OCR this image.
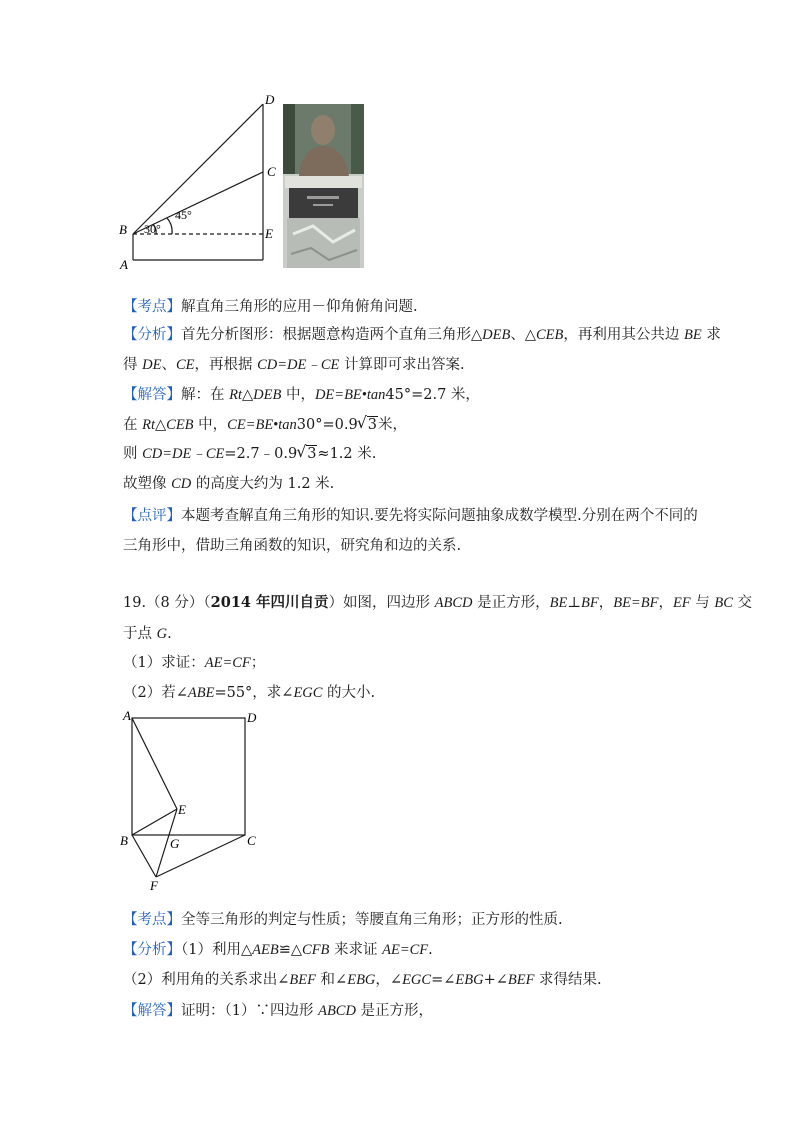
D
C
B	E
A
45°
30°
【考点】解直角三角形的应用－仰角俯角问题.
【分析】首先分析图形：根据题意构造两个直角三角形△DEB、△CEB，再利用其公共边 BE 求
得 DE、CE，再根据 CD=DE﹣CE 计算即可求出答案.
【解答】解：在 Rt△DEB 中，DE=BE•tan45°=2.7 米，
在 Rt△CEB 中，CE=BE•tan30°=0.9 √ 3米，
则 CD=DE﹣CE=2.7﹣0.9 √ 3≈1.2 米.
故塑像 CD 的高度大约为 1.2 米.
【点评】本题考查解直角三角形的知识.要先将实际问题抽象成数学模型.分别在两个不同的
三角形中，借助三角函数的知识，研究角和边的关系.
19.（8 分）（2014 年四川自贡）如图，四边形 ABCD 是正方形，BE⊥BF，BE=BF，EF 与 BC 交
于点 G.
（1）求证：AE=CF；
（2）若∠ABE=55°，求∠EGC 的大小.
A	D
E
B	G	C
F
【考点】全等三角形的判定与性质；等腰直角三角形；正方形的性质.
【分析】（1）利用△AEB≌△CFB 来求证 AE=CF.
（2）利用角的关系求出∠BEF 和∠EBG，∠EGC=∠EBG+∠BEF 求得结果.
【解答】证明：（1）∵四边形 ABCD 是正方形，
